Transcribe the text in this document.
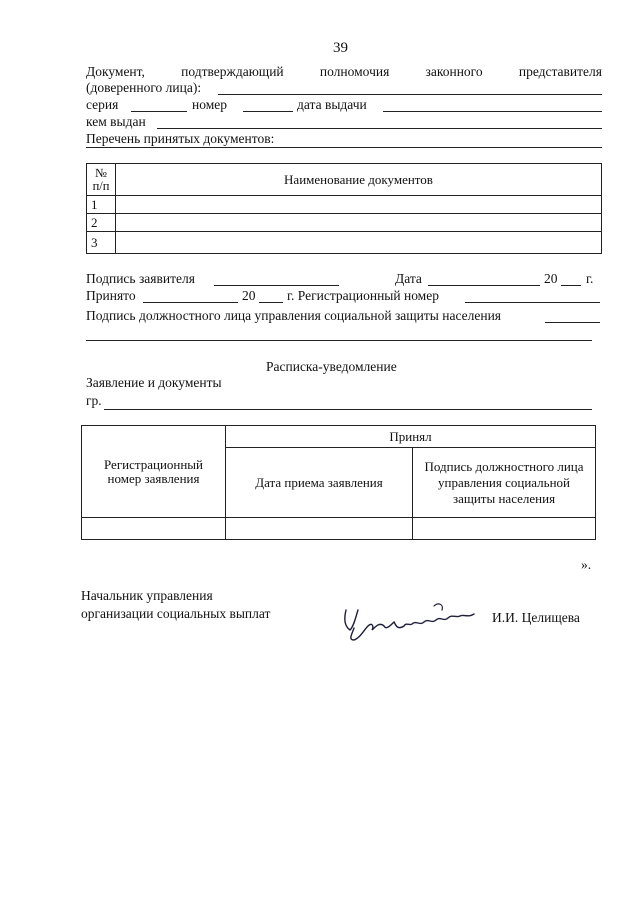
39
Документ,	подтверждающий	полномочия	законного	представителя
(доверенного лица):
серия	номер	дата выдачи
кем выдан
Перечень принятых документов:
№ п/п	Наименование документов
1	
2	
3	
Подпись заявителя	Дата	20 г.
Принято	20 г. Регистрационный номер
Подпись должностного лица управления социальной защиты населения
Расписка-уведомление
Заявление и документы
гр.
Регистрационный номер заявления	Принял	
	Дата приема заявления	Подпись должностного лица управления социальной защиты населения

».
Начальник управления
организации социальных выплат	И.И. Целищева
